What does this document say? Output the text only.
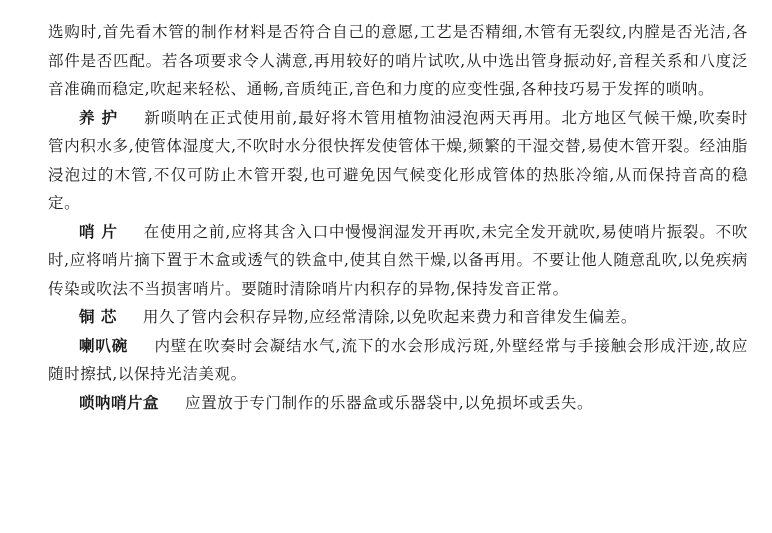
选购时,首先看木管的制作材料是否符合自己的意愿,工艺是否精细,木管有无裂纹,内膛是否光洁,各部件是否匹配。若各项要求令人满意,再用较好的哨片试吹,从中选出管身振动好,音程关系和八度泛音准确而稳定,吹起来轻松、通畅,音质纯正,音色和力度的应变性强,各种技巧易于发挥的唢呐。

养 护 新唢呐在正式使用前,最好将木管用植物油浸泡两天再用。北方地区气候干燥,吹奏时管内积水多,使管体湿度大,不吹时水分很快挥发使管体干燥,频繁的干湿交替,易使木管开裂。经油脂浸泡过的木管,不仅可防止木管开裂,也可避免因气候变化形成管体的热胀冷缩,从而保持音高的稳定。

哨 片 在使用之前,应将其含入口中慢慢润湿发开再吹,未完全发开就吹,易使哨片振裂。不吹时,应将哨片摘下置于木盒或透气的铁盒中,使其自然干燥,以备再用。不要让他人随意乱吹,以免疾病传染或吹法不当损害哨片。要随时清除哨片内积存的异物,保持发音正常。

铜 芯 用久了管内会积存异物,应经常清除,以免吹起来费力和音律发生偏差。

喇叭碗 内壁在吹奏时会凝结水气,流下的水会形成污斑,外壁经常与手接触会形成汗迹,故应随时擦拭,以保持光洁美观。

唢呐哨片盒 应置放于专门制作的乐器盒或乐器袋中,以免损坏或丢失。
